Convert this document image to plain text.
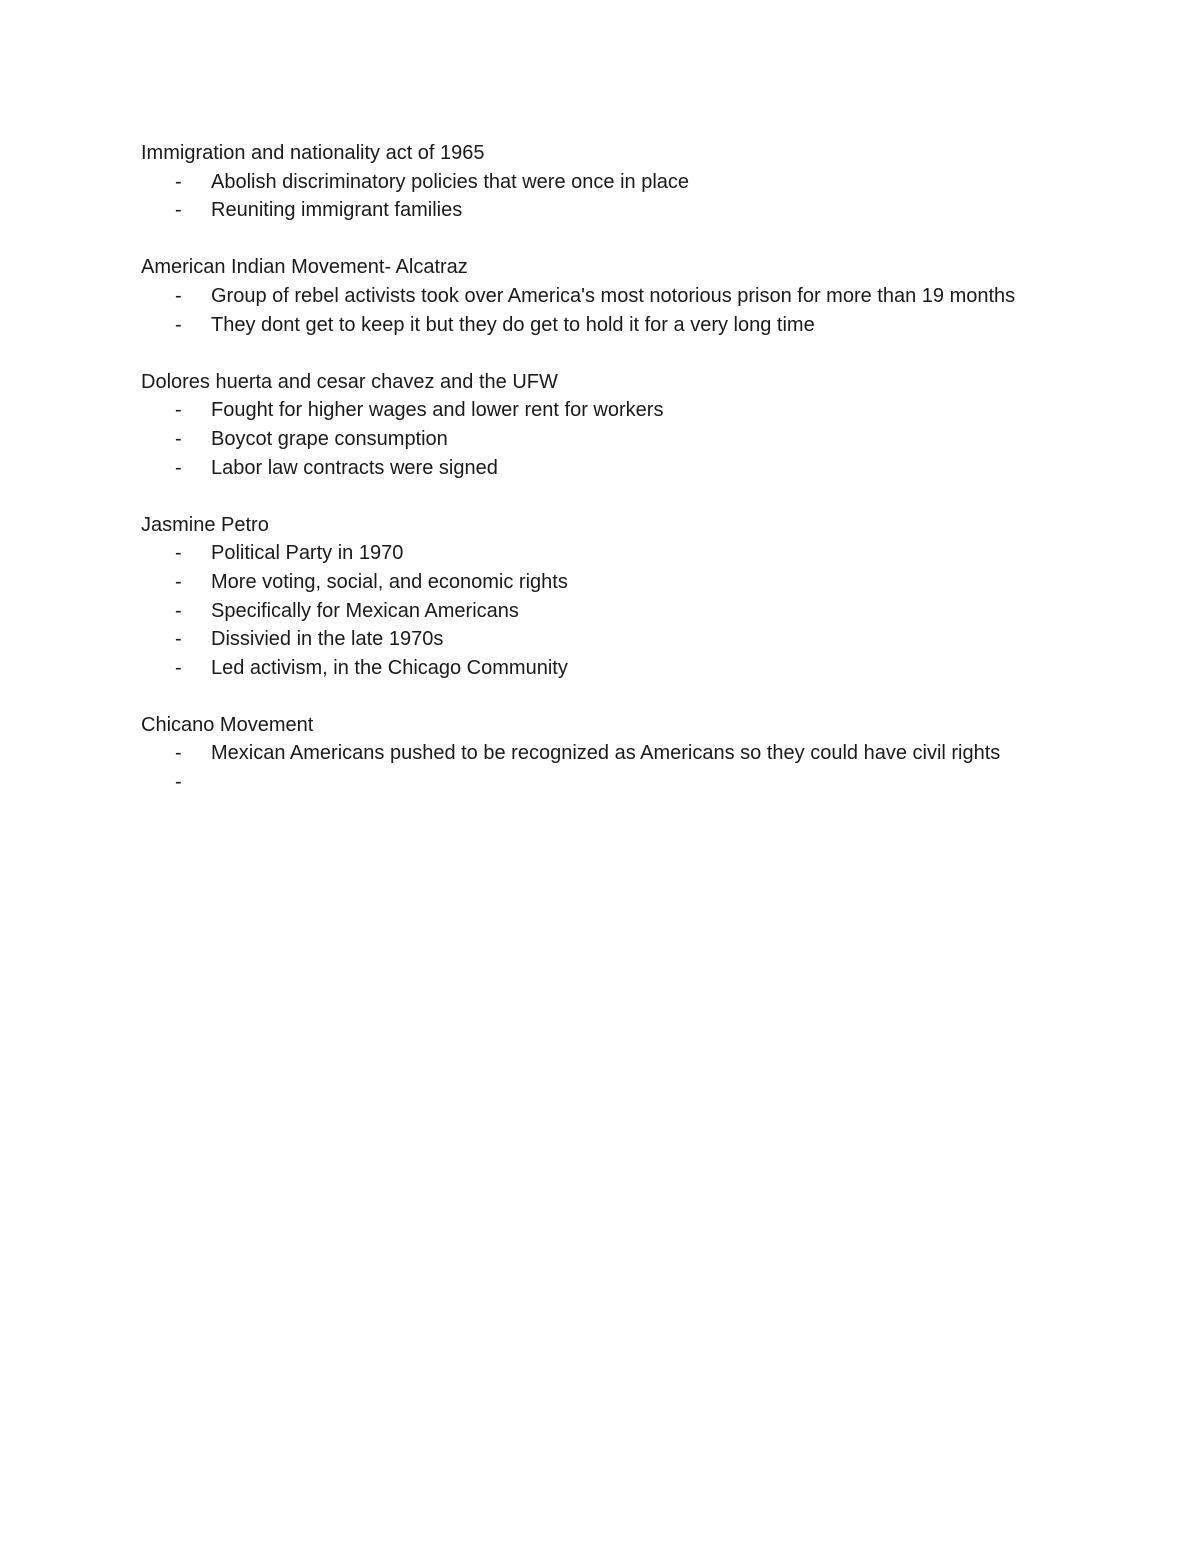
Immigration and nationality act of 1965

- Abolish discriminatory policies that were once in place
- Reuniting immigrant families

American Indian Movement- Alcatraz

- Group of rebel activists took over America's most notorious prison for more than 19 months
- They dont get to keep it but they do get to hold it for a very long time

Dolores huerta and cesar chavez and the UFW

- Fought for higher wages and lower rent for workers
- Boycot grape consumption
- Labor law contracts were signed

Jasmine Petro

- Political Party in 1970
- More voting, social, and economic rights
- Specifically for Mexican Americans
- Dissivied in the late 1970s
- Led activism, in the Chicago Community

Chicano Movement

- Mexican Americans pushed to be recognized as Americans so they could have civil rights
-
